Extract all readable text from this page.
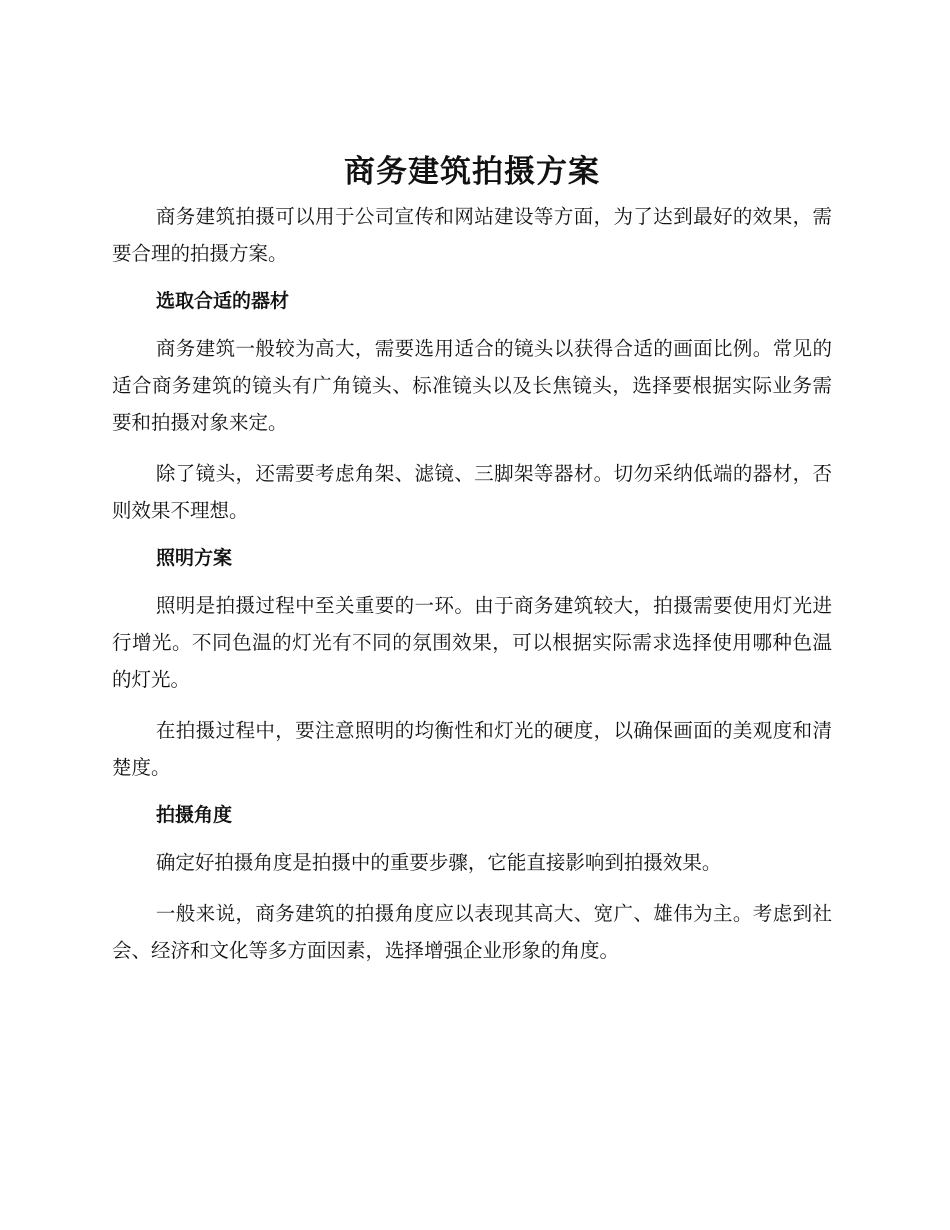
商务建筑拍摄方案

商务建筑拍摄可以用于公司宣传和网站建设等方面，为了达到最好的效果，需要合理的拍摄方案。

选取合适的器材

商务建筑一般较为高大，需要选用适合的镜头以获得合适的画面比例。常见的适合商务建筑的镜头有广角镜头、标准镜头以及长焦镜头，选择要根据实际业务需要和拍摄对象来定。

除了镜头，还需要考虑角架、滤镜、三脚架等器材。切勿采纳低端的器材，否则效果不理想。

照明方案

照明是拍摄过程中至关重要的一环。由于商务建筑较大，拍摄需要使用灯光进行增光。不同色温的灯光有不同的氛围效果，可以根据实际需求选择使用哪种色温的灯光。

在拍摄过程中，要注意照明的均衡性和灯光的硬度，以确保画面的美观度和清楚度。

拍摄角度

确定好拍摄角度是拍摄中的重要步骤，它能直接影响到拍摄效果。

一般来说，商务建筑的拍摄角度应以表现其高大、宽广、雄伟为主。考虑到社会、经济和文化等多方面因素，选择增强企业形象的角度。
